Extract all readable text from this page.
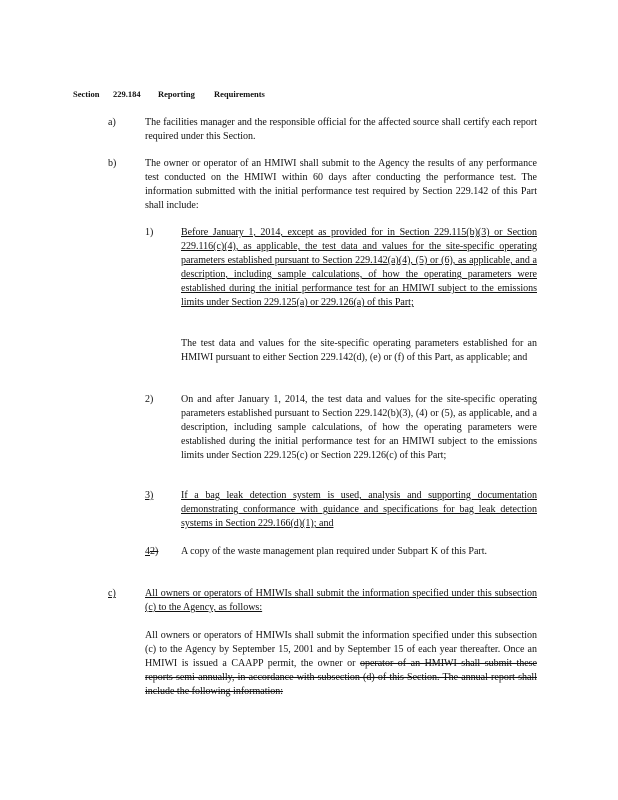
Section 229.184 Reporting Requirements
a)	The facilities manager and the responsible official for the affected source shall certify each report required under this Section.
b)	The owner or operator of an HMIWI shall submit to the Agency the results of any performance test conducted on the HMIWI within 60 days after conducting the performance test. The information submitted with the initial performance test required by Section 229.142 of this Part shall include:
1)	Before January 1, 2014, except as provided for in Section 229.115(b)(3) or Section 229.116(c)(4), as applicable, the test data and values for the site-specific operating parameters established pursuant to Section 229.142(a)(4), (5) or (6), as applicable, and a description, including sample calculations, of how the operating parameters were established during the initial performance test for an HMIWI subject to the emissions limits under Section 229.125(a) or 229.126(a) of this Part;
The test data and values for the site-specific operating parameters established for an HMIWI pursuant to either Section 229.142(d), (e) or (f) of this Part, as applicable; and
2)	On and after January 1, 2014, the test data and values for the site-specific operating parameters established pursuant to Section 229.142(b)(3), (4) or (5), as applicable, and a description, including sample calculations, of how the operating parameters were established during the initial performance test for an HMIWI subject to the emissions limits under Section 229.125(c) or Section 229.126(c) of this Part;
3)	If a bag leak detection system is used, analysis and supporting documentation demonstrating conformance with guidance and specifications for bag leak detection systems in Section 229.166(d)(1); and
42) A copy of the waste management plan required under Subpart K of this Part.
c)	All owners or operators of HMIWIs shall submit the information specified under this subsection (c) to the Agency, as follows:
All owners or operators of HMIWIs shall submit the information specified under this subsection (c) to the Agency by September 15, 2001 and by September 15 of each year thereafter. Once an HMIWI is issued a CAAPP permit, the owner or operator of an HMIWI shall submit these reports semi-annually, in accordance with subsection (d) of this Section. The annual report shall include the following information:
